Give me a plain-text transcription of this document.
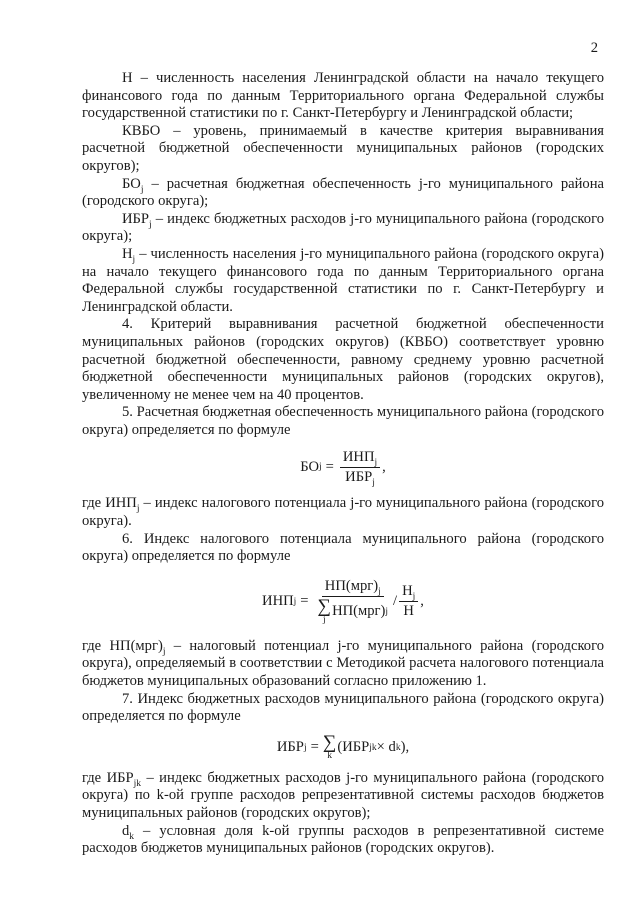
2

Н – численность населения Ленинградской области на начало текущего финансового года по данным Территориального органа Федеральной службы государственной статистики по г. Санкт-Петербургу и Ленинградской области;

КВБО – уровень, принимаемый в качестве критерия выравнивания расчетной бюджетной обеспеченности муниципальных районов (городских округов);

$БО_j$ – расчетная бюджетная обеспеченность j-го муниципального района (городского округа);

$ИБР_j$ – индекс бюджетных расходов j-го муниципального района (городского округа);

$Н_j$ – численность населения j-го муниципального района (городского округа) на начало текущего финансового года по данным Территориального органа Федеральной службы государственной статистики по г. Санкт-Петербургу и Ленинградской области.

4. Критерий выравнивания расчетной бюджетной обеспеченности муниципальных районов (городских округов) (КВБО) соответствует уровню расчетной бюджетной обеспеченности, равному среднему уровню расчетной бюджетной обеспеченности муниципальных районов (городских округов), увеличенному не менее чем на 40 процентов.

5. Расчетная бюджетная обеспеченность муниципального района (городского округа) определяется по формуле

БО $j = \frac{ИНП_j}{ИБР_j}$ ,

где $ИНП_j$ – индекс налогового потенциала j-го муниципального района (городского округа).

6. Индекс налогового потенциала муниципального района (городского округа) определяется по формуле

ИНП $j = НП(мрг)_j$
∑
j
НП(мрг) j / $\frac{Н_j}{Н}$ ,

где $НП(мрг)_j$ – налоговый потенциал j-го муниципального района (городского округа), определяемый в соответствии с Методикой расчета налогового потенциала бюджетов муниципальных образований согласно приложению 1.

7. Индекс бюджетных расходов муниципального района (городского округа) определяется по формуле

ИБР j = ∑
k
(ИБР jk × d k ),

где $ИБР_{jk}$ – индекс бюджетных расходов j-го муниципального района (городского округа) по k-ой группе расходов репрезентативной системы расходов бюджетов муниципальных районов (городских округов);

$d_k$ – условная доля k-ой группы расходов в репрезентативной системе расходов бюджетов муниципальных районов (городских округов).
